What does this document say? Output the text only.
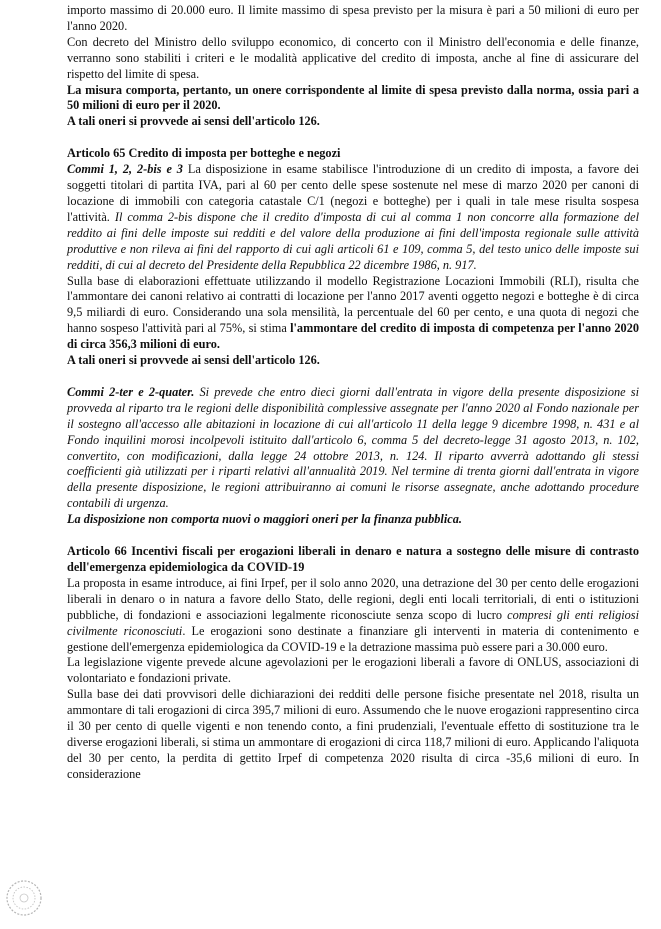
importo massimo di 20.000 euro. Il limite massimo di spesa previsto per la misura è pari a 50 milioni di euro per l'anno 2020.

Con decreto del Ministro dello sviluppo economico, di concerto con il Ministro dell'economia e delle finanze, verranno sono stabiliti i criteri e le modalità applicative del credito di imposta, anche al fine di assicurare del rispetto del limite di spesa.

La misura comporta, pertanto, un onere corrispondente al limite di spesa previsto dalla norma, ossia pari a 50 milioni di euro per il 2020.

A tali oneri si provvede ai sensi dell'articolo 126.

Articolo 65 Credito di imposta per botteghe e negozi

Commi 1, 2, 2-bis e 3 La disposizione in esame stabilisce l'introduzione di un credito di imposta, a favore dei soggetti titolari di partita IVA, pari al 60 per cento delle spese sostenute nel mese di marzo 2020 per canoni di locazione di immobili con categoria catastale C/1 (negozi e botteghe) per i quali in tale mese risulta sospesa l'attività. Il comma 2-bis dispone che il credito d'imposta di cui al comma 1 non concorre alla formazione del reddito ai fini delle imposte sui redditi e del valore della produzione ai fini dell'imposta regionale sulle attività produttive e non rileva ai fini del rapporto di cui agli articoli 61 e 109, comma 5, del testo unico delle imposte sui redditi, di cui al decreto del Presidente della Repubblica 22 dicembre 1986, n. 917.

Sulla base di elaborazioni effettuate utilizzando il modello Registrazione Locazioni Immobili (RLI), risulta che l'ammontare dei canoni relativo ai contratti di locazione per l'anno 2017 aventi oggetto negozi e botteghe è di circa 9,5 miliardi di euro. Considerando una sola mensilità, la percentuale del 60 per cento, e una quota di negozi che hanno sospeso l'attività pari al 75%, si stima l'ammontare del credito di imposta di competenza per l'anno 2020 di circa 356,3 milioni di euro.

A tali oneri si provvede ai sensi dell'articolo 126.

Commi 2-ter e 2-quater. Si prevede che entro dieci giorni dall'entrata in vigore della presente disposizione si provveda al riparto tra le regioni delle disponibilità complessive assegnate per l'anno 2020 al Fondo nazionale per il sostegno all'accesso alle abitazioni in locazione di cui all'articolo 11 della legge 9 dicembre 1998, n. 431 e al Fondo inquilini morosi incolpevoli istituito dall'articolo 6, comma 5 del decreto-legge 31 agosto 2013, n. 102, convertito, con modificazioni, dalla legge 24 ottobre 2013, n. 124. Il riparto avverrà adottando gli stessi coefficienti già utilizzati per i riparti relativi all'annualità 2019. Nel termine di trenta giorni dall'entrata in vigore della presente disposizione, le regioni attribuiranno ai comuni le risorse assegnate, anche adottando procedure contabili di urgenza.

La disposizione non comporta nuovi o maggiori oneri per la finanza pubblica.

Articolo 66 Incentivi fiscali per erogazioni liberali in denaro e natura a sostegno delle misure di contrasto dell'emergenza epidemiologica da COVID-19

La proposta in esame introduce, ai fini Irpef, per il solo anno 2020, una detrazione del 30 per cento delle erogazioni liberali in denaro o in natura a favore dello Stato, delle regioni, degli enti locali territoriali, di enti o istituzioni pubbliche, di fondazioni e associazioni legalmente riconosciute senza scopo di lucro compresi gli enti religiosi civilmente riconosciuti. Le erogazioni sono destinate a finanziare gli interventi in materia di contenimento e gestione dell'emergenza epidemiologica da COVID-19 e la detrazione massima può essere pari a 30.000 euro.

La legislazione vigente prevede alcune agevolazioni per le erogazioni liberali a favore di ONLUS, associazioni di volontariato e fondazioni private.

Sulla base dei dati provvisori delle dichiarazioni dei redditi delle persone fisiche presentate nel 2018, risulta un ammontare di tali erogazioni di circa 395,7 milioni di euro. Assumendo che le nuove erogazioni rappresentino circa il 30 per cento di quelle vigenti e non tenendo conto, a fini prudenziali, l'eventuale effetto di sostituzione tra le diverse erogazioni liberali, si stima un ammontare di erogazioni di circa 118,7 milioni di euro. Applicando l'aliquota del 30 per cento, la perdita di gettito Irpef di competenza 2020 risulta di circa -35,6 milioni di euro. In considerazione
